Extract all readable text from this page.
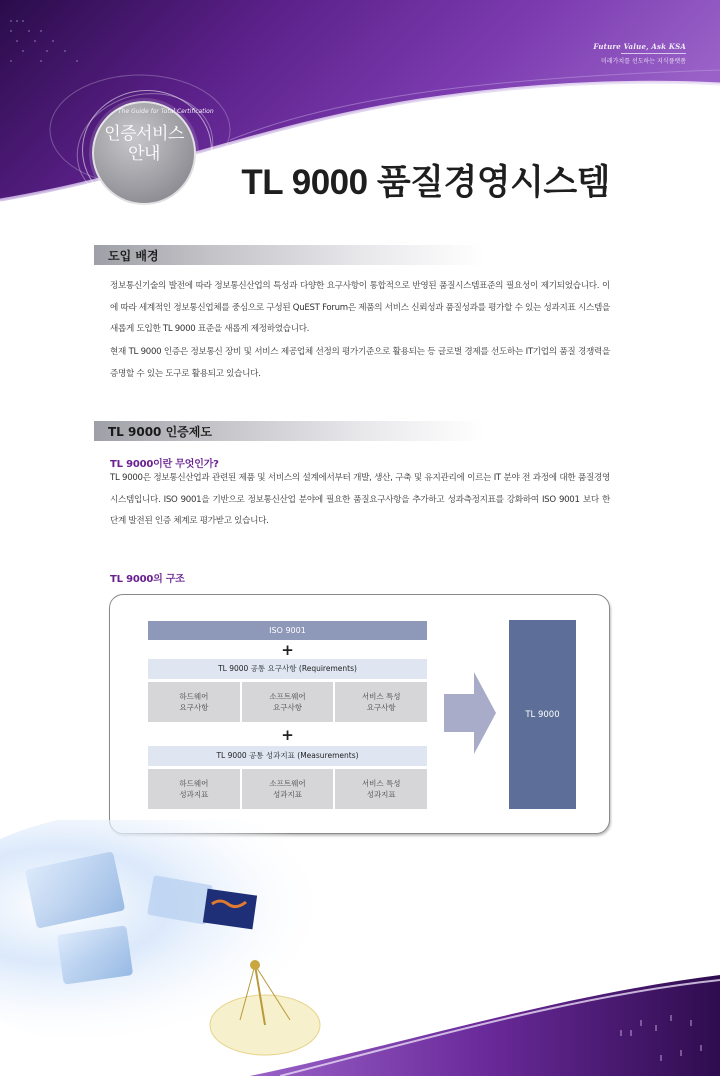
Future Value, Ask KSA
미래가치를 선도하는 지식플랫폼
The Guide for Total Certification
인증서비스
안내
TL 9000 품질경영시스템
도입 배경
정보통신기술의 발전에 따라 정보통신산업의 특성과 다양한 요구사항이 통합적으로 반영된 품질시스템표준의 필요성이 제기되었습니다. 이에 따라 세계적인 정보통신업체를 중심으로 구성된 QuEST Forum은 제품의 서비스 신뢰성과 품질성과를 평가할 수 있는 성과지표 시스템을 새롭게 도입한 TL 9000 표준을 새롭게 제정하였습니다.
현재 TL 9000 인증은 정보통신 장비 및 서비스 제공업체 선정의 평가기준으로 활용되는 등 글로벌 경제를 선도하는 IT기업의 품질 경쟁력을 증명할 수 있는 도구로 활용되고 있습니다.
TL 9000 인증제도
TL 9000이란 무엇인가?
TL 9000은 정보통신산업과 관련된 제품 및 서비스의 설계에서부터 개발, 생산, 구축 및 유지관리에 이르는 IT 분야 전 과정에 대한 품질경영시스템입니다. ISO 9001을 기반으로 정보통신산업 분야에 필요한 품질요구사항을 추가하고 성과측정지표를 강화하여 ISO 9001 보다 한 단계 발전된 인증 체계로 평가받고 있습니다.
TL 9000의 구조
ISO 9001
+
TL 9000 공통 요구사항 (Requirements)
하드웨어
요구사항
소프트웨어
요구사항
서비스 특성
요구사항
+
TL 9000 공통 성과지표 (Measurements)
하드웨어
성과지표
소프트웨어
성과지표
서비스 특성
성과지표
TL 9000
